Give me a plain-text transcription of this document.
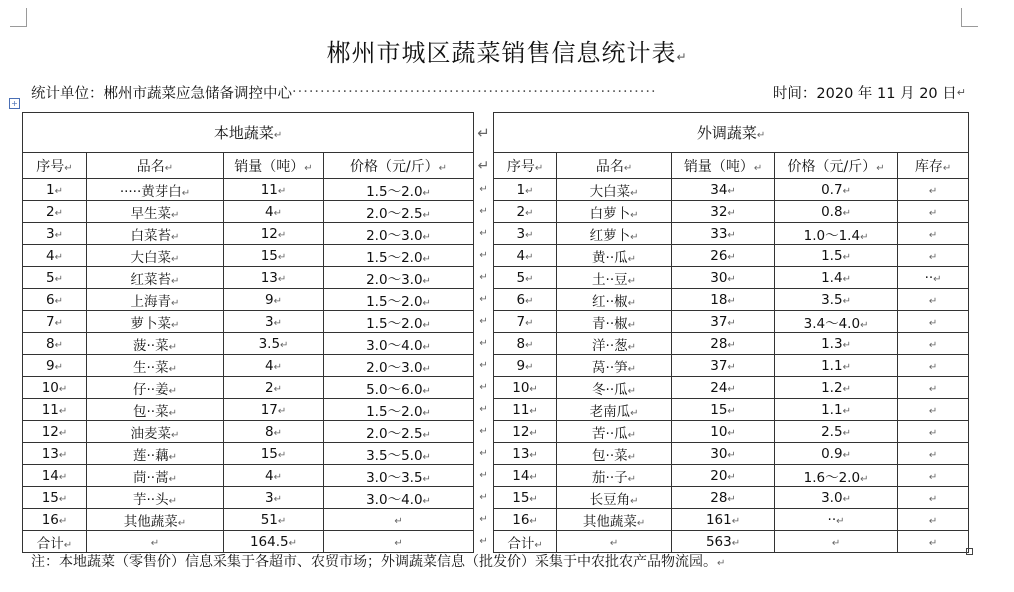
郴州市城区蔬菜销售信息统计表↵
统计单位： 郴州市蔬菜应急储备调控中心 ·································································	时间： 2020 年 11 月 20 日 ↵
+
本地蔬菜↵				↵	外调蔬菜↵				
序号↵	品名↵	销量（吨）↵	价格（元/斤）↵	↵	序号↵	品名↵	销量（吨）↵	价格（元/斤）↵	库存↵
1↵	·····黄芽白↵	11↵	1.5～2.0↵	↵	1↵	大白菜↵	34↵	0.7↵	↵
2↵	早生菜↵	4↵	2.0～2.5↵	↵	2↵	白萝卜↵	32↵	0.8↵	↵
3↵	白菜苔↵	12↵	2.0～3.0↵	↵	3↵	红萝卜↵	33↵	1.0～1.4↵	↵
4↵	大白菜↵	15↵	1.5～2.0↵	↵	4↵	黄··瓜↵	26↵	1.5↵	↵
5↵	红菜苔↵	13↵	2.0～3.0↵	↵	5↵	土··豆↵	30↵	1.4↵	··↵
6↵	上海青↵	9↵	1.5～2.0↵	↵	6↵	红··椒↵	18↵	3.5↵	↵
7↵	萝卜菜↵	3↵	1.5～2.0↵	↵	7↵	青··椒↵	37↵	3.4～4.0↵	↵
8↵	菠··菜↵	3.5↵	3.0～4.0↵	↵	8↵	洋··葱↵	28↵	1.3↵	↵
9↵	生··菜↵	4↵	2.0～3.0↵	↵	9↵	莴··笋↵	37↵	1.1↵	↵
10↵	仔··姜↵	2↵	5.0～6.0↵	↵	10↵	冬··瓜↵	24↵	1.2↵	↵
11↵	包··菜↵	17↵	1.5～2.0↵	↵	11↵	老南瓜↵	15↵	1.1↵	↵
12↵	油麦菜↵	8↵	2.0～2.5↵	↵	12↵	苦··瓜↵	10↵	2.5↵	↵
13↵	莲··藕↵	15↵	3.5～5.0↵	↵	13↵	包··菜↵	30↵	0.9↵	↵
14↵	茼··蒿↵	4↵	3.0～3.5↵	↵	14↵	茄··子↵	20↵	1.6～2.0↵	↵
15↵	芋··头↵	3↵	3.0～4.0↵	↵	15↵	长豆角↵	28↵	3.0↵	↵
16↵	其他蔬菜↵	51↵	↵	↵	16↵	其他蔬菜↵	161↵	··↵	↵
合计↵	↵	164.5↵	↵	↵	合计↵	↵	563↵	↵	↵
注：本地蔬菜（零售价）信息采集于各超市、农贸市场；外调蔬菜信息（批发价）采集于中农批农产品物流园。↵
